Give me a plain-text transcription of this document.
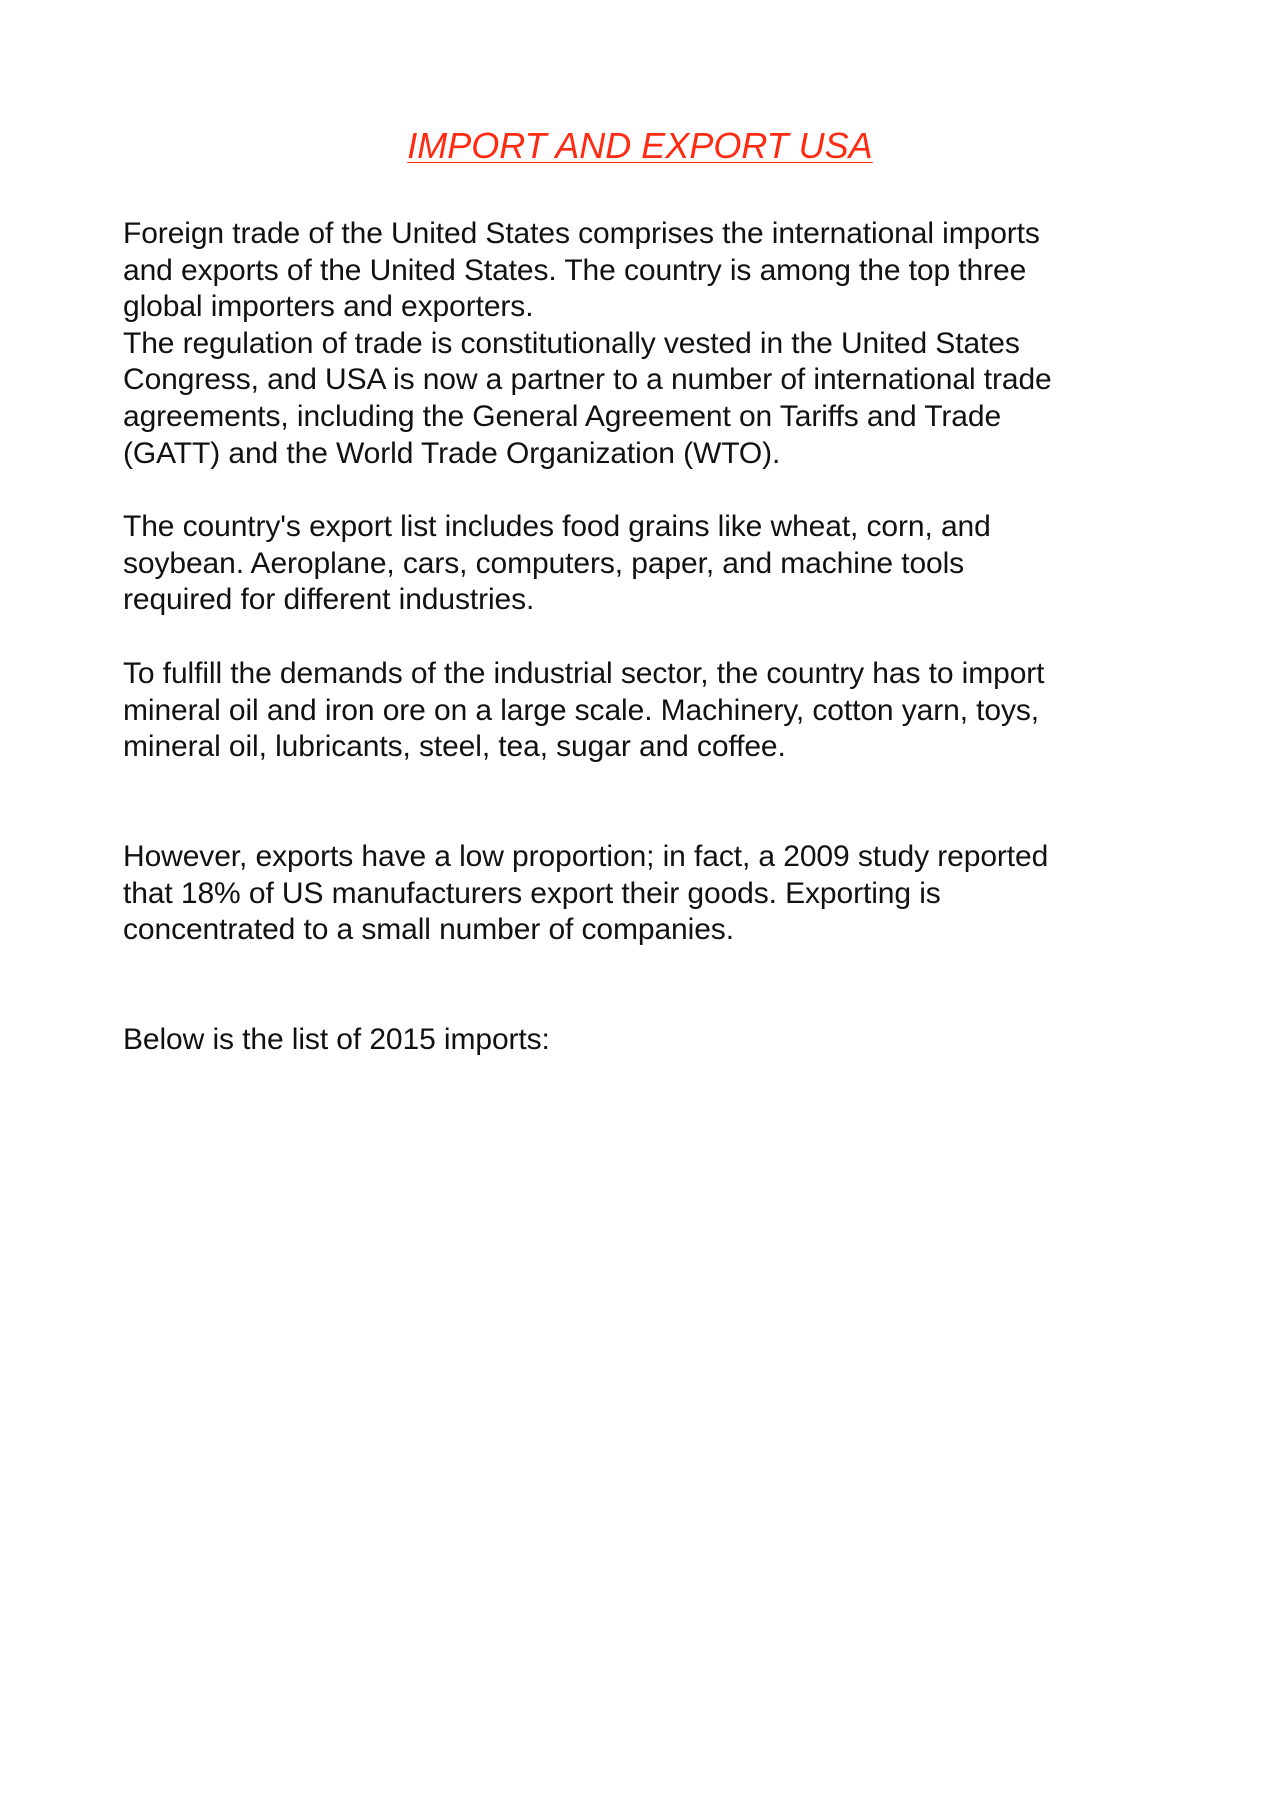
IMPORT AND EXPORT USA

Foreign trade of the United States comprises the international imports
and exports of the United States. The country is among the top three
global importers and exporters.
The regulation of trade is constitutionally vested in the United States
Congress, and USA is now a partner to a number of international trade
agreements, including the General Agreement on Tariffs and Trade
(GATT) and the World Trade Organization (WTO).

The country's export list includes food grains like wheat, corn, and
soybean. Aeroplane, cars, computers, paper, and machine tools
required for different industries.

To fulfill the demands of the industrial sector, the country has to import
mineral oil and iron ore on a large scale. Machinery, cotton yarn, toys,
mineral oil, lubricants, steel, tea, sugar and coffee.

However, exports have a low proportion; in fact, a 2009 study reported
that 18% of US manufacturers export their goods. Exporting is
concentrated to a small number of companies.

Below is the list of 2015 imports:
